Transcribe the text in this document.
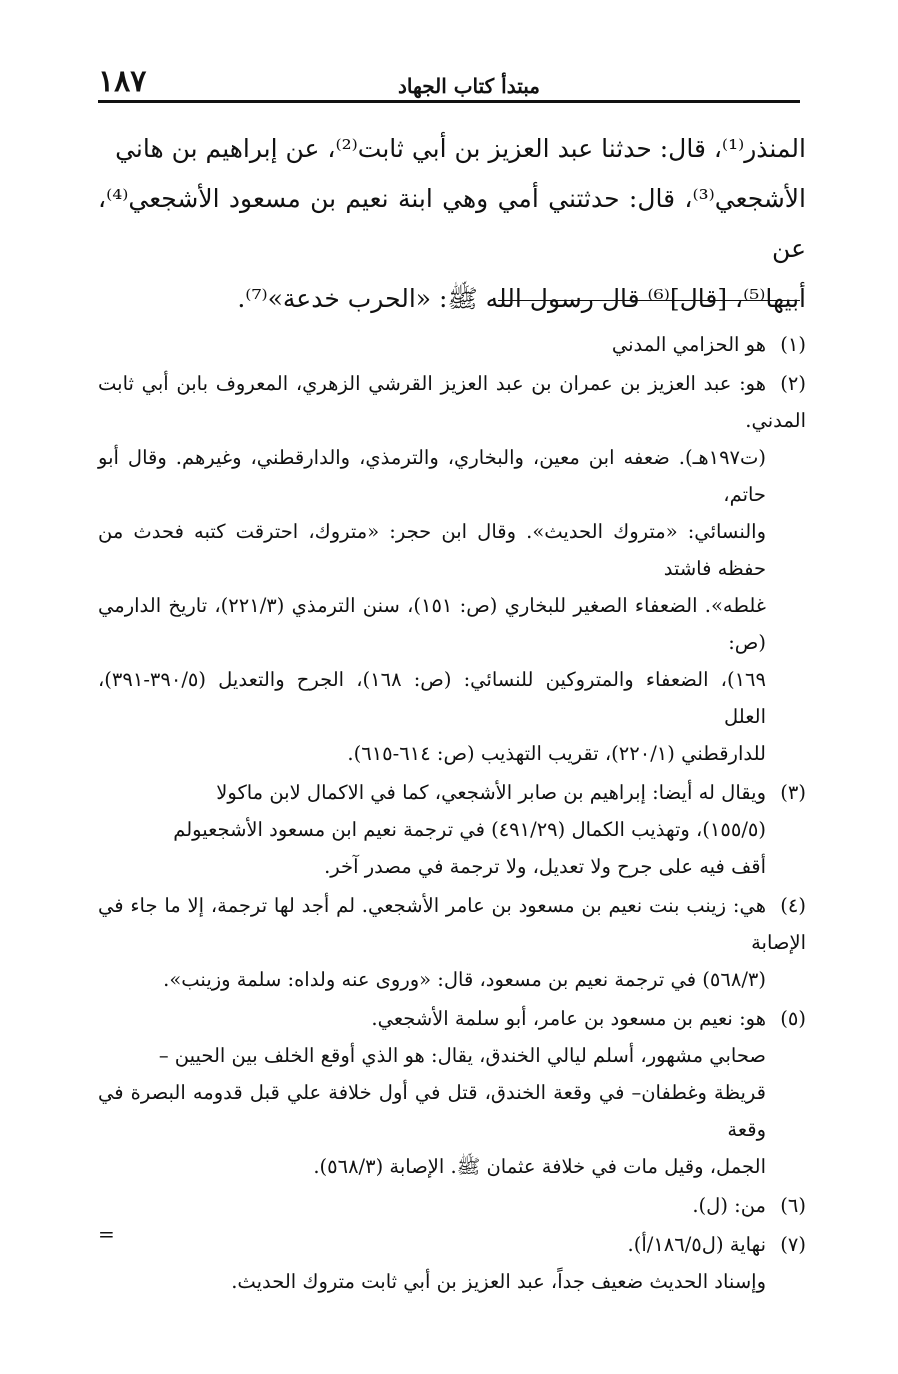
مبتدأ كتاب الجهاد
١٨٧

المنذر⁽¹⁾، قال: حدثنا عبد العزيز بن أبي ثابت⁽²⁾، عن إبراهيم بن هاني

الأشجعي⁽³⁾، قال: حدثتني أمي وهي ابنة نعيم بن مسعود الأشجعي⁽⁴⁾، عن

أبيها⁽⁵⁾، [قال]⁽⁶⁾ قال رسول الله ﷺ: «الحرب خدعة»⁽⁷⁾.

(١)هو الحزامي المدني
(٢)هو: عبد العزيز بن عمران بن عبد العزيز القرشي الزهري، المعروف بابن أبي ثابت المدني.
(ت١٩٧هـ). ضعفه ابن معين، والبخاري، والترمذي، والدارقطني، وغيرهم. وقال أبو حاتم،
والنسائي: «متروك الحديث». وقال ابن حجر: «متروك، احترقت كتبه فحدث من حفظه فاشتد
غلطه». الضعفاء الصغير للبخاري (ص: ١٥١)، سنن الترمذي (٢٢١/٣)، تاريخ الدارمي (ص:
١٦٩)، الضعفاء والمتروكين للنسائي: (ص: ١٦٨)، الجرح والتعديل (٣٩٠/٥-٣٩١)، العلل
للدارقطني (٢٢٠/١)، تقريب التهذيب (ص: ٦١٤-٦١٥).
(٣)ويقال له أيضا: إبراهيم بن صابر الأشجعي، كما في الاكمال لابن ماكولا
(١٥٥/٥)، وتهذيب الكمال (٤٩١/٢٩) في ترجمة نعيم ابن مسعود الأشجعيولم
أقف فيه على جرح ولا تعديل، ولا ترجمة في مصدر آخر.
(٤)هي: زينب بنت نعيم بن مسعود بن عامر الأشجعي. لم أجد لها ترجمة، إلا ما جاء في الإصابة
(٥٦٨/٣) في ترجمة نعيم بن مسعود، قال: «وروى عنه ولداه: سلمة وزينب».
(٥)هو: نعيم بن مسعود بن عامر، أبو سلمة الأشجعي.
صحابي مشهور، أسلم ليالي الخندق، يقال: هو الذي أوقع الخلف بين الحيين –
قريظة وغطفان– في وقعة الخندق، قتل في أول خلافة علي قبل قدومه البصرة في وقعة
الجمل، وقيل مات في خلافة عثمان ﷺ. الإصابة (٥٦٨/٣).
(٦)من: (ل).
(٧)نهاية (ل١٨٦/٥/أ).
وإسناد الحديث ضعيف جداً، عبد العزيز بن أبي ثابت متروك الحديث.
=
